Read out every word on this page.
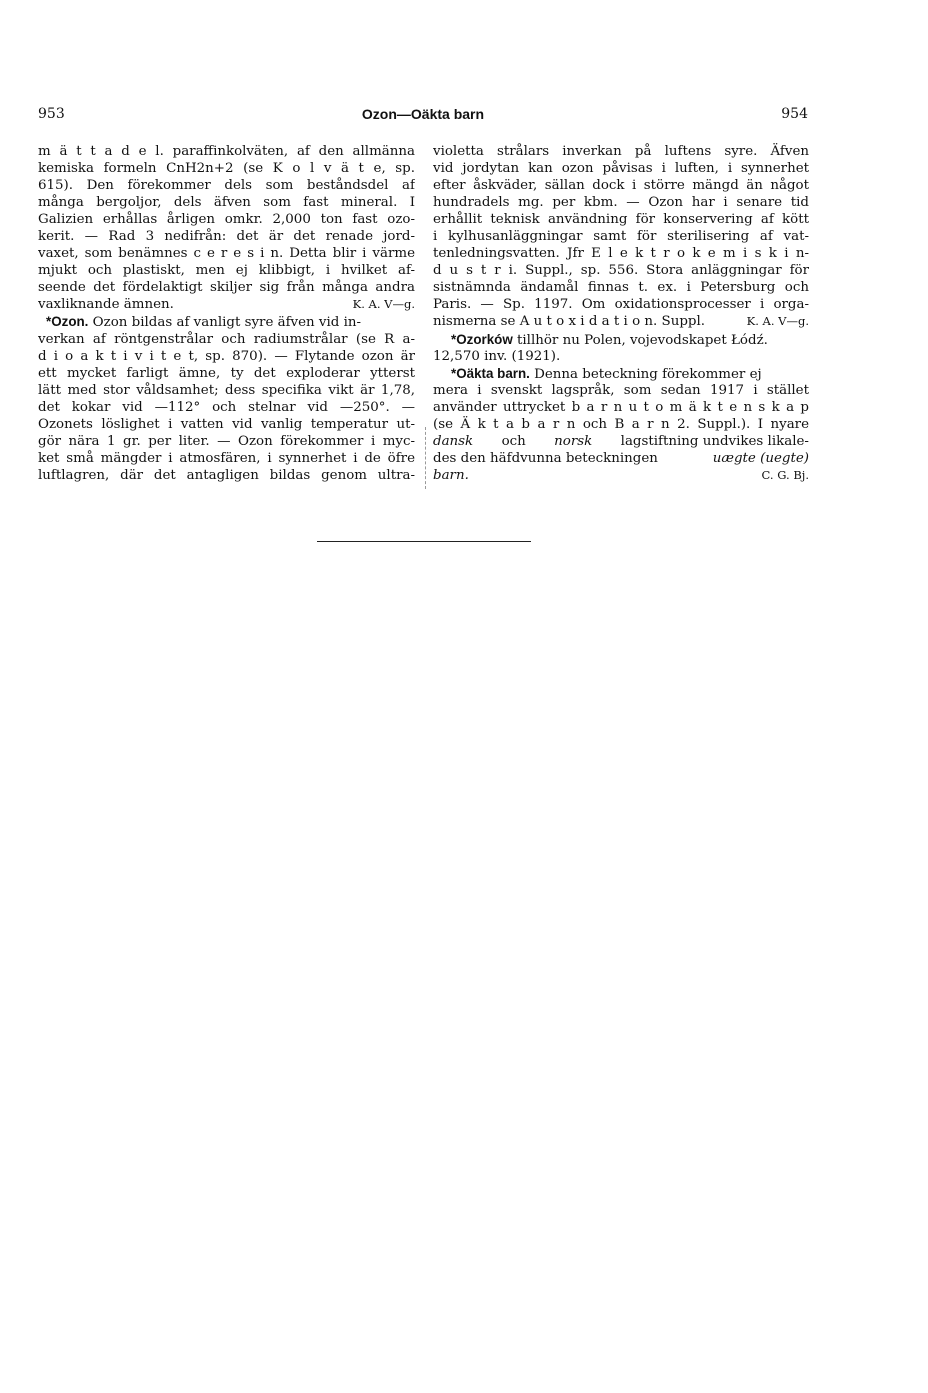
953	Ozon—Oäkta barn	954
m ä t t a d e l. paraffinkolväten, af den allmänna
kemiska formeln CnH2n+2 (se K o l v ä t e, sp.
615). Den förekommer dels som beståndsdel af
många bergoljor, dels äfven som fast mineral. I
Galizien erhållas årligen omkr. 2,000 ton fast ozo-
kerit. — Rad 3 nedifrån: det är det renade jord-
vaxet, som benämnes c e r e s i n. Detta blir i värme
mjukt och plastiskt, men ej klibbigt, i hvilket af-
seende det fördelaktigt skiljer sig från många andra
vaxliknande ämnen.	K. A. V—g.
*Ozon. Ozon bildas af vanligt syre äfven vid in-
verkan af röntgenstrålar och radiumstrålar (se R a-
d i o a k t i v i t e t, sp. 870). — Flytande ozon är
ett mycket farligt ämne, ty det exploderar ytterst
lätt med stor våldsamhet; dess specifika vikt är 1,78,
det kokar vid —112° och stelnar vid —250°. —
Ozonets löslighet i vatten vid vanlig temperatur ut-
gör nära 1 gr. per liter. — Ozon förekommer i myc-
ket små mängder i atmosfären, i synnerhet i de öfre
luftlagren, där det antagligen bildas genom ultra-
violetta strålars inverkan på luftens syre. Äfven
vid jordytan kan ozon påvisas i luften, i synnerhet
efter åskväder, sällan dock i större mängd än något
hundradels mg. per kbm. — Ozon har i senare tid
erhållit teknisk användning för konservering af kött
i kylhusanläggningar samt för sterilisering af vat-
tenledningsvatten. Jfr E l e k t r o k e m i s k i n-
d u s t r i. Suppl., sp. 556. Stora anläggningar för
sistnämnda ändamål finnas t. ex. i Petersburg och
Paris. — Sp. 1197. Om oxidationsprocesser i orga-
nismerna se A u t o x i d a t i o n. Suppl.	K. A. V—g.
*Ozorków tillhör nu Polen, vojevodskapet Łódź.
12,570 inv. (1921).
*Oäkta barn. Denna beteckning förekommer ej
mera i svenskt lagspråk, som sedan 1917 i stället
använder uttrycket b a r n u t o m ä k t e n s k a p
(se Ä k t a b a r n och B a r n 2. Suppl.). I nyare
dansk och norsk lagstiftning undvikes likale-
des den häfdvunna beteckningen	uægte (uegte)
barn.	C. G. Bj.
